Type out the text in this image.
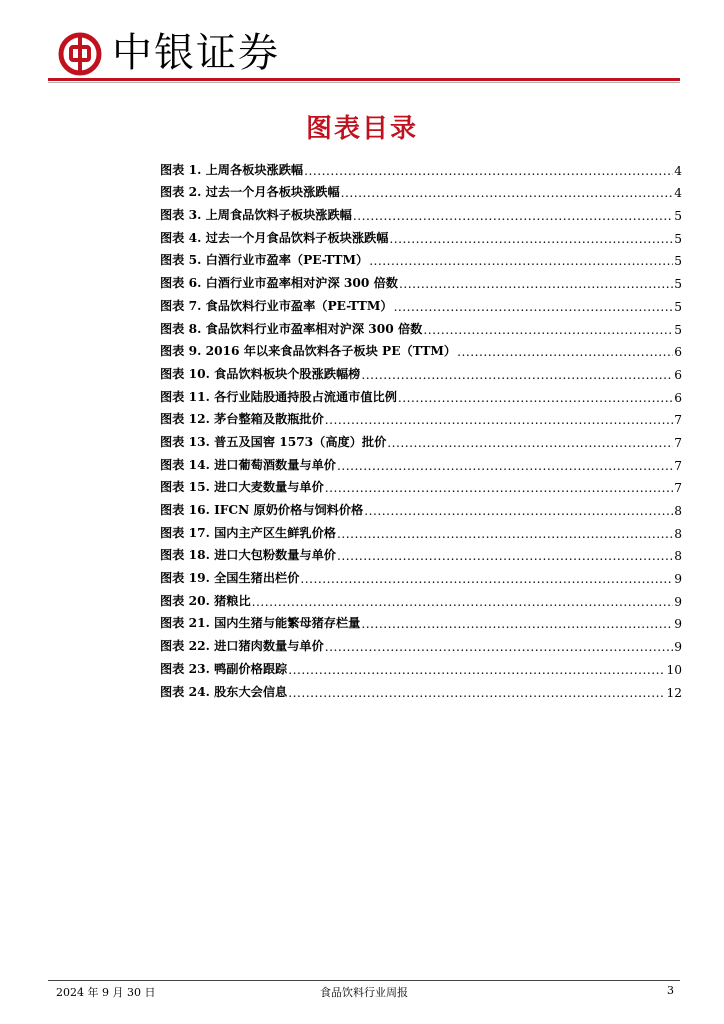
中银证券
图表目录
图表 1. 上周各板块涨跌幅 .....	4
图表 2. 过去一个月各板块涨跌幅 .....	4
图表 3. 上周食品饮料子板块涨跌幅 .....	5
图表 4. 过去一个月食品饮料子板块涨跌幅 .....	5
图表 5. 白酒行业市盈率（PE-TTM） .....	5
图表 6. 白酒行业市盈率相对沪深 300 倍数 .....	5
图表 7. 食品饮料行业市盈率（PE-TTM） .....	5
图表 8. 食品饮料行业市盈率相对沪深 300 倍数 .....	5
图表 9. 2016 年以来食品饮料各子板块 PE（TTM） .....	6
图表 10. 食品饮料板块个股涨跌幅榜 .....	6
图表 11. 各行业陆股通持股占流通市值比例 .....	6
图表 12. 茅台整箱及散瓶批价 .....	7
图表 13. 普五及国窖 1573（高度）批价 .....	7
图表 14. 进口葡萄酒数量与单价 .....	7
图表 15. 进口大麦数量与单价 .....	7
图表 16. IFCN 原奶价格与饲料价格 .....	8
图表 17. 国内主产区生鲜乳价格 .....	8
图表 18. 进口大包粉数量与单价 .....	8
图表 19. 全国生猪出栏价 .....	9
图表 20. 猪粮比 .....	9
图表 21. 国内生猪与能繁母猪存栏量 .....	9
图表 22. 进口猪肉数量与单价 .....	9
图表 23. 鸭副价格跟踪 .....	10
图表 24. 股东大会信息 .....	12
2024 年 9 月 30 日	食品饮料行业周报	3
